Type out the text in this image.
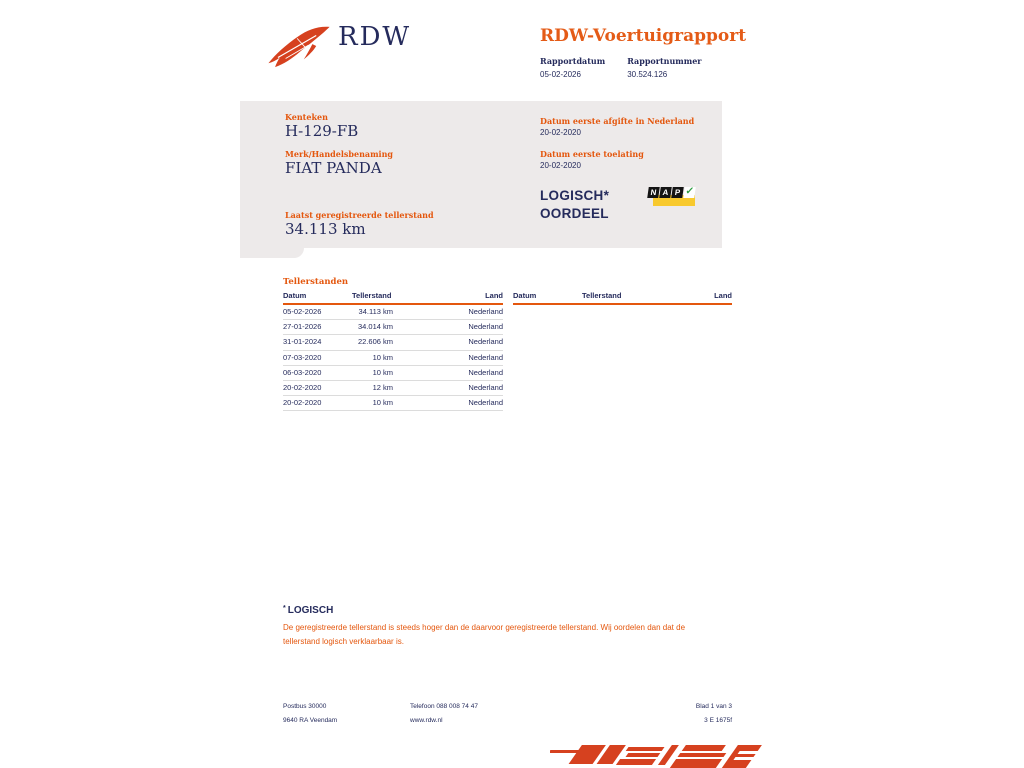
RDW	RDW-Voertuigrapport
Rapportdatum
05-02-2026
Rapportnummer
30.524.126
Kenteken
H-129-FB
Merk/Handelsbenaming
FIAT PANDA
Laatst geregistreerde tellerstand
34.113 km
Datum eerste afgifte in Nederland
20-02-2020
Datum eerste toelating
20-02-2020
LOGISCH*
OORDEEL
N A P ✓
Tellerstanden
Datum	Tellerstand	Land
05-02-2026	34.113 km	Nederland
27-01-2026	34.014 km	Nederland
31-01-2024	22.606 km	Nederland
07-03-2020	10 km	Nederland
06-03-2020	10 km	Nederland
20-02-2020	12 km	Nederland
20-02-2020	10 km	Nederland
Datum	Tellerstand	Land
* LOGISCH
De geregistreerde tellerstand is steeds hoger dan de daarvoor geregistreerde tellerstand. Wij oordelen dan dat de tellerstand logisch verklaarbaar is.
Postbus 30000
9640 RA Veendam
Telefoon 088 008 74 47
www.rdw.nl
Blad 1 van 3
3 E 1675f
